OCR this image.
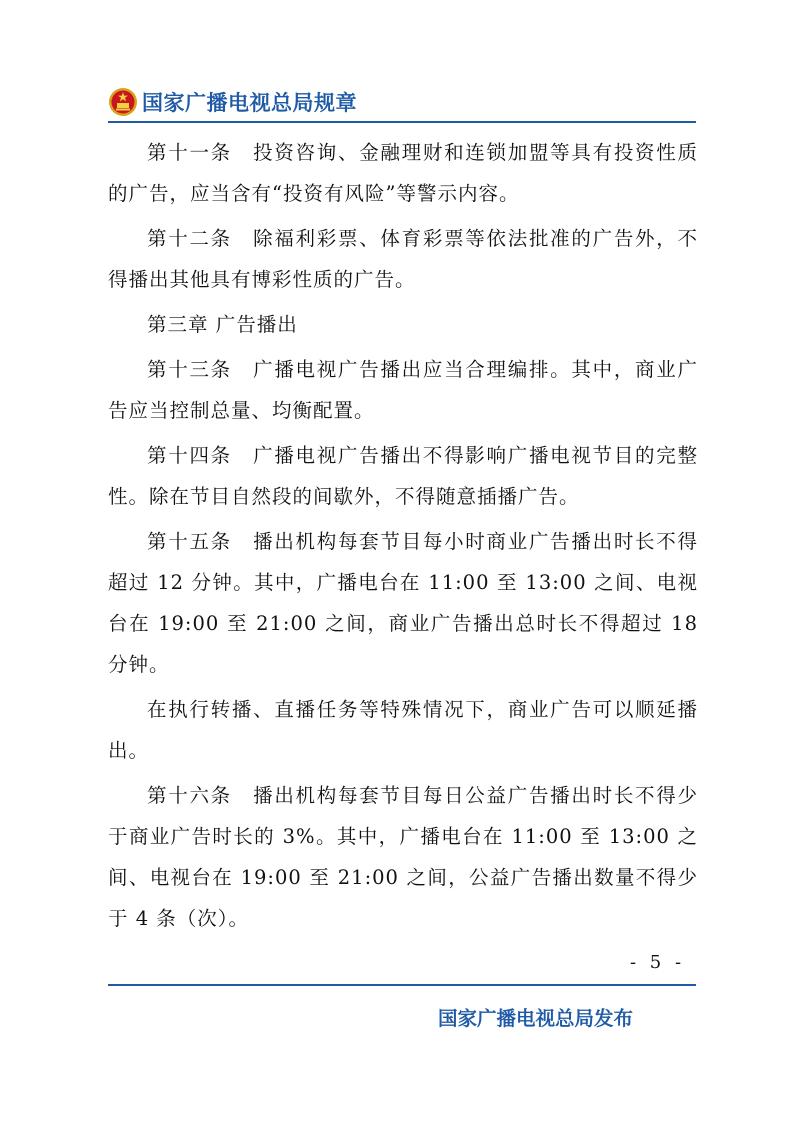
国家广播电视总局规章

第十一条　投资咨询、金融理财和连锁加盟等具有投资性质的广告，应当含有“投资有风险”等警示内容。

第十二条　除福利彩票、体育彩票等依法批准的广告外，不得播出其他具有博彩性质的广告。

第三章 广告播出

第十三条　广播电视广告播出应当合理编排。其中，商业广告应当控制总量、均衡配置。

第十四条　广播电视广告播出不得影响广播电视节目的完整性。除在节目自然段的间歇外，不得随意插播广告。

第十五条　播出机构每套节目每小时商业广告播出时长不得超过 12 分钟。其中，广播电台在 11:00 至 13:00 之间、电视台在 19:00 至 21:00 之间，商业广告播出总时长不得超过 18 分钟。

在执行转播、直播任务等特殊情况下，商业广告可以顺延播出。

第十六条　播出机构每套节目每日公益广告播出时长不得少于商业广告时长的 3%。其中，广播电台在 11:00 至 13:00 之间、电视台在 19:00 至 21:00 之间，公益广告播出数量不得少于 4 条（次）。

- 5 -
国家广播电视总局发布
